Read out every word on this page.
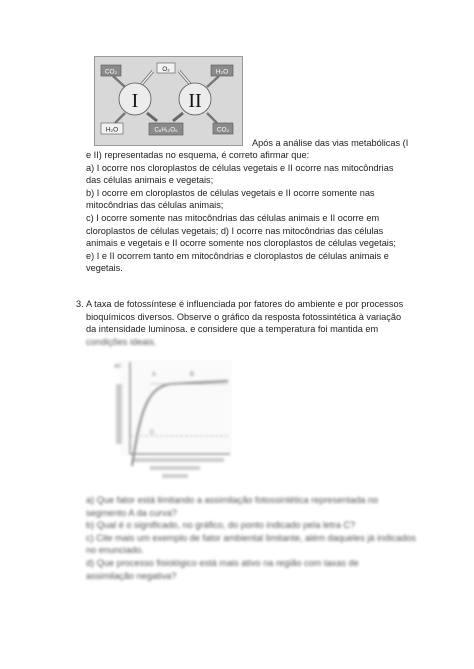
CO₂	O₂	H₂O
I	II
H₂O	C₆H₁₂O₆	CO₂
Após a análise das vias metabólicas (I

e II) representadas no esquema, é correto afirmar que:

a) I ocorre nos cloroplastos de células vegetais e II ocorre nas mitocôndrias

das células animais e vegetais;

b) I ocorre em cloroplastos de células vegetais e II ocorre somente nas

mitocôndrias das células animais;

c) I ocorre somente nas mitocôndrias das células animais e II ocorre em

cloroplastos de células vegetais; d) I ocorre nas mitocôndrias das células

animais e vegetais e II ocorre somente nos cloroplastos de células vegetais;

e) I e II ocorrem tanto em mitocôndrias e cloroplastos de células animais e

vegetais.

3. A taxa de fotossíntese é influenciada por fatores do ambiente e por processos

bioquímicos diversos. Observe o gráfico da resposta fotossintética à variação

da intensidade luminosa. e considere que a temperatura foi mantida em

condições ideais.

40
A	B
C

a) Que fator está limitando a assimilação fotossintética representada no

segmento A da curva?

b) Qual é o significado, no gráfico, do ponto indicado pela letra C?

c) Cite mais um exemplo de fator ambiental limitante, além daqueles já indicados

no enunciado.

d) Que processo fisiológico está mais ativo na região com taxas de

assimilação negativa?
